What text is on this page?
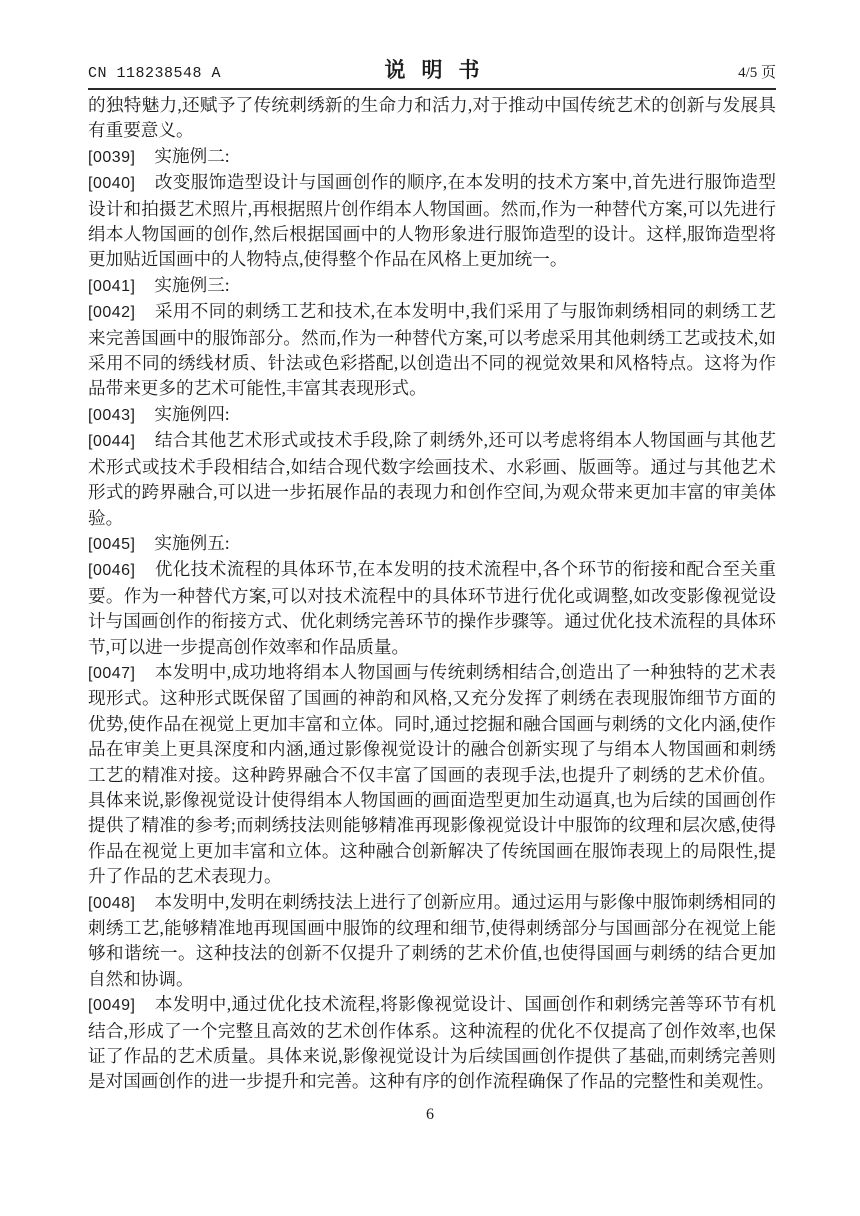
CN 118238548 A	说明书	4/5 页

的独特魅力,还赋予了传统刺绣新的生命力和活力,对于推动中国传统艺术的创新与发展具有重要意义。

[0039] 实施例二:

[0040] 改变服饰造型设计与国画创作的顺序,在本发明的技术方案中,首先进行服饰造型设计和拍摄艺术照片,再根据照片创作绢本人物国画。然而,作为一种替代方案,可以先进行绢本人物国画的创作,然后根据国画中的人物形象进行服饰造型的设计。这样,服饰造型将更加贴近国画中的人物特点,使得整个作品在风格上更加统一。

[0041] 实施例三:

[0042] 采用不同的刺绣工艺和技术,在本发明中,我们采用了与服饰刺绣相同的刺绣工艺来完善国画中的服饰部分。然而,作为一种替代方案,可以考虑采用其他刺绣工艺或技术,如采用不同的绣线材质、针法或色彩搭配,以创造出不同的视觉效果和风格特点。这将为作品带来更多的艺术可能性,丰富其表现形式。

[0043] 实施例四:

[0044] 结合其他艺术形式或技术手段,除了刺绣外,还可以考虑将绢本人物国画与其他艺术形式或技术手段相结合,如结合现代数字绘画技术、水彩画、版画等。通过与其他艺术形式的跨界融合,可以进一步拓展作品的表现力和创作空间,为观众带来更加丰富的审美体验。

[0045] 实施例五:

[0046] 优化技术流程的具体环节,在本发明的技术流程中,各个环节的衔接和配合至关重要。作为一种替代方案,可以对技术流程中的具体环节进行优化或调整,如改变影像视觉设计与国画创作的衔接方式、优化刺绣完善环节的操作步骤等。通过优化技术流程的具体环节,可以进一步提高创作效率和作品质量。

[0047] 本发明中,成功地将绢本人物国画与传统刺绣相结合,创造出了一种独特的艺术表现形式。这种形式既保留了国画的神韵和风格,又充分发挥了刺绣在表现服饰细节方面的优势,使作品在视觉上更加丰富和立体。同时,通过挖掘和融合国画与刺绣的文化内涵,使作品在审美上更具深度和内涵,通过影像视觉设计的融合创新实现了与绢本人物国画和刺绣工艺的精准对接。这种跨界融合不仅丰富了国画的表现手法,也提升了刺绣的艺术价值。具体来说,影像视觉设计使得绢本人物国画的画面造型更加生动逼真,也为后续的国画创作提供了精准的参考;而刺绣技法则能够精准再现影像视觉设计中服饰的纹理和层次感,使得作品在视觉上更加丰富和立体。这种融合创新解决了传统国画在服饰表现上的局限性,提升了作品的艺术表现力。

[0048] 本发明中,发明在刺绣技法上进行了创新应用。通过运用与影像中服饰刺绣相同的刺绣工艺,能够精准地再现国画中服饰的纹理和细节,使得刺绣部分与国画部分在视觉上能够和谐统一。这种技法的创新不仅提升了刺绣的艺术价值,也使得国画与刺绣的结合更加自然和协调。

[0049] 本发明中,通过优化技术流程,将影像视觉设计、国画创作和刺绣完善等环节有机结合,形成了一个完整且高效的艺术创作体系。这种流程的优化不仅提高了创作效率,也保证了作品的艺术质量。具体来说,影像视觉设计为后续国画创作提供了基础,而刺绣完善则是对国画创作的进一步提升和完善。这种有序的创作流程确保了作品的完整性和美观性。

6
